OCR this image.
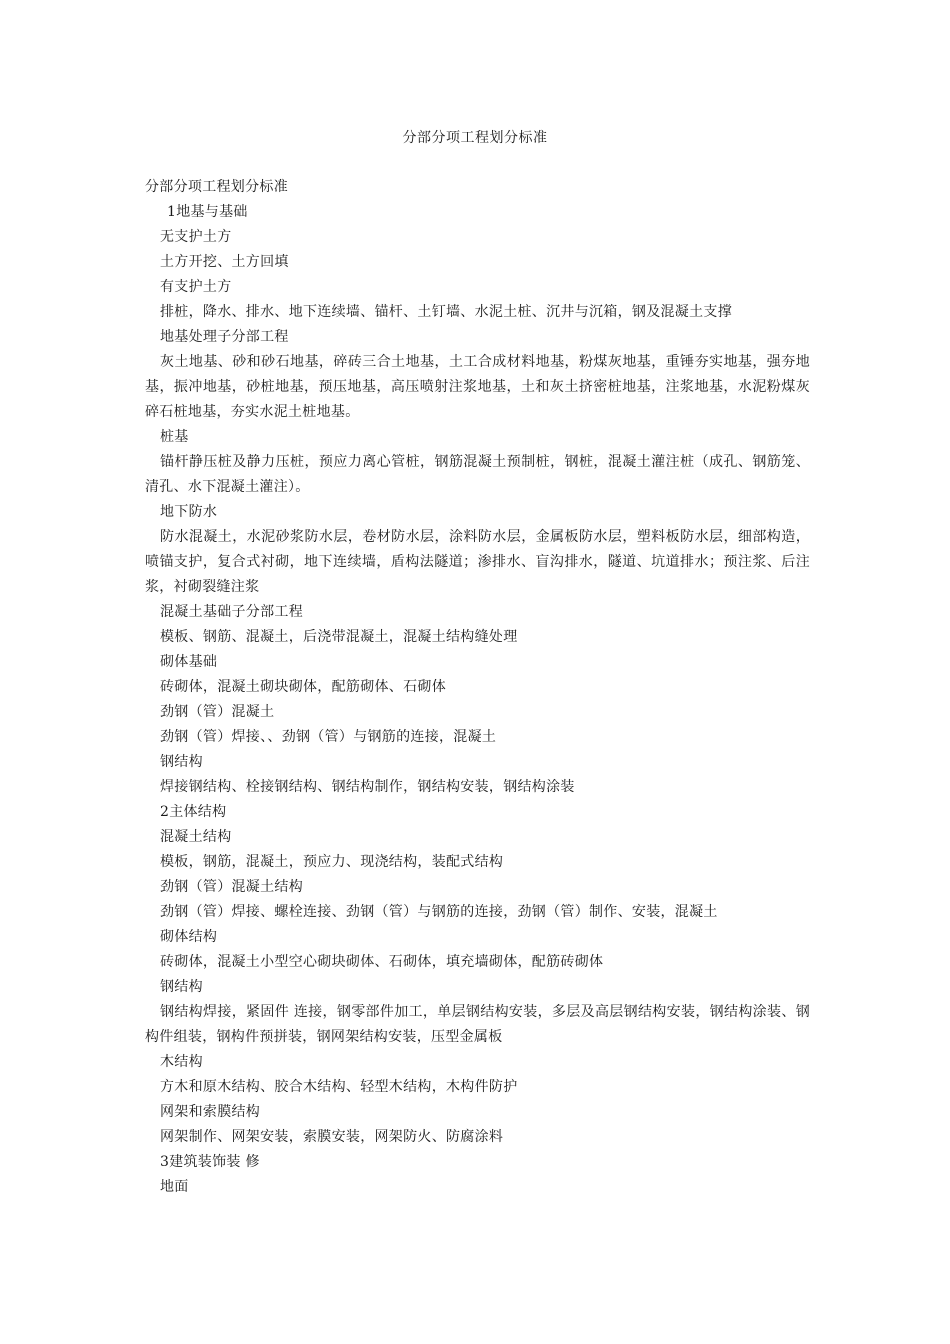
分部分项工程划分标准
分部分项工程划分标准
1地基与基础
无支护土方
土方开挖、土方回填
有支护土方
排桩，降水、排水、地下连续墙、锚杆、土钉墙、水泥土桩、沉井与沉箱，钢及混凝土支撑
地基处理子分部工程
灰土地基、砂和砂石地基，碎砖三合土地基，土工合成材料地基，粉煤灰地基，重锤夯实地基，强夯地基，振冲地基，砂桩地基，预压地基，高压喷射注浆地基，土和灰土挤密桩地基，注浆地基，水泥粉煤灰碎石桩地基，夯实水泥土桩地基。
桩基
锚杆静压桩及静力压桩，预应力离心管桩，钢筋混凝土预制桩，钢桩，混凝土灌注桩（成孔、钢筋笼、清孔、水下混凝土灌注）。
地下防水
防水混凝土，水泥砂浆防水层，卷材防水层，涂料防水层，金属板防水层，塑料板防水层，细部构造，喷锚支护，复合式衬砌，地下连续墙，盾构法隧道；渗排水、盲沟排水，隧道、坑道排水；预注浆、后注浆，衬砌裂缝注浆
混凝土基础子分部工程
模板、钢筋、混凝土，后浇带混凝土，混凝土结构缝处理
砌体基础
砖砌体，混凝土砌块砌体，配筋砌体、石砌体
劲钢（管）混凝土
劲钢（管）焊接、、劲钢（管）与钢筋的连接，混凝土
钢结构
焊接钢结构、栓接钢结构、钢结构制作，钢结构安装，钢结构涂装
2主体结构
混凝土结构
模板，钢筋，混凝土，预应力、现浇结构，装配式结构
劲钢（管）混凝土结构
劲钢（管）焊接、螺栓连接、劲钢（管）与钢筋的连接，劲钢（管）制作、安装，混凝土
砌体结构
砖砌体，混凝土小型空心砌块砌体、石砌体，填充墙砌体，配筋砖砌体
钢结构
钢结构焊接，紧固件 连接，钢零部件加工，单层钢结构安装，多层及高层钢结构安装，钢结构涂装、钢构件组装，钢构件预拼装，钢网架结构安装，压型金属板
木结构
方木和原木结构、胶合木结构、轻型木结构，木构件防护
网架和索膜结构
网架制作、网架安装，索膜安装，网架防火、防腐涂料
3建筑装饰装 修
地面
